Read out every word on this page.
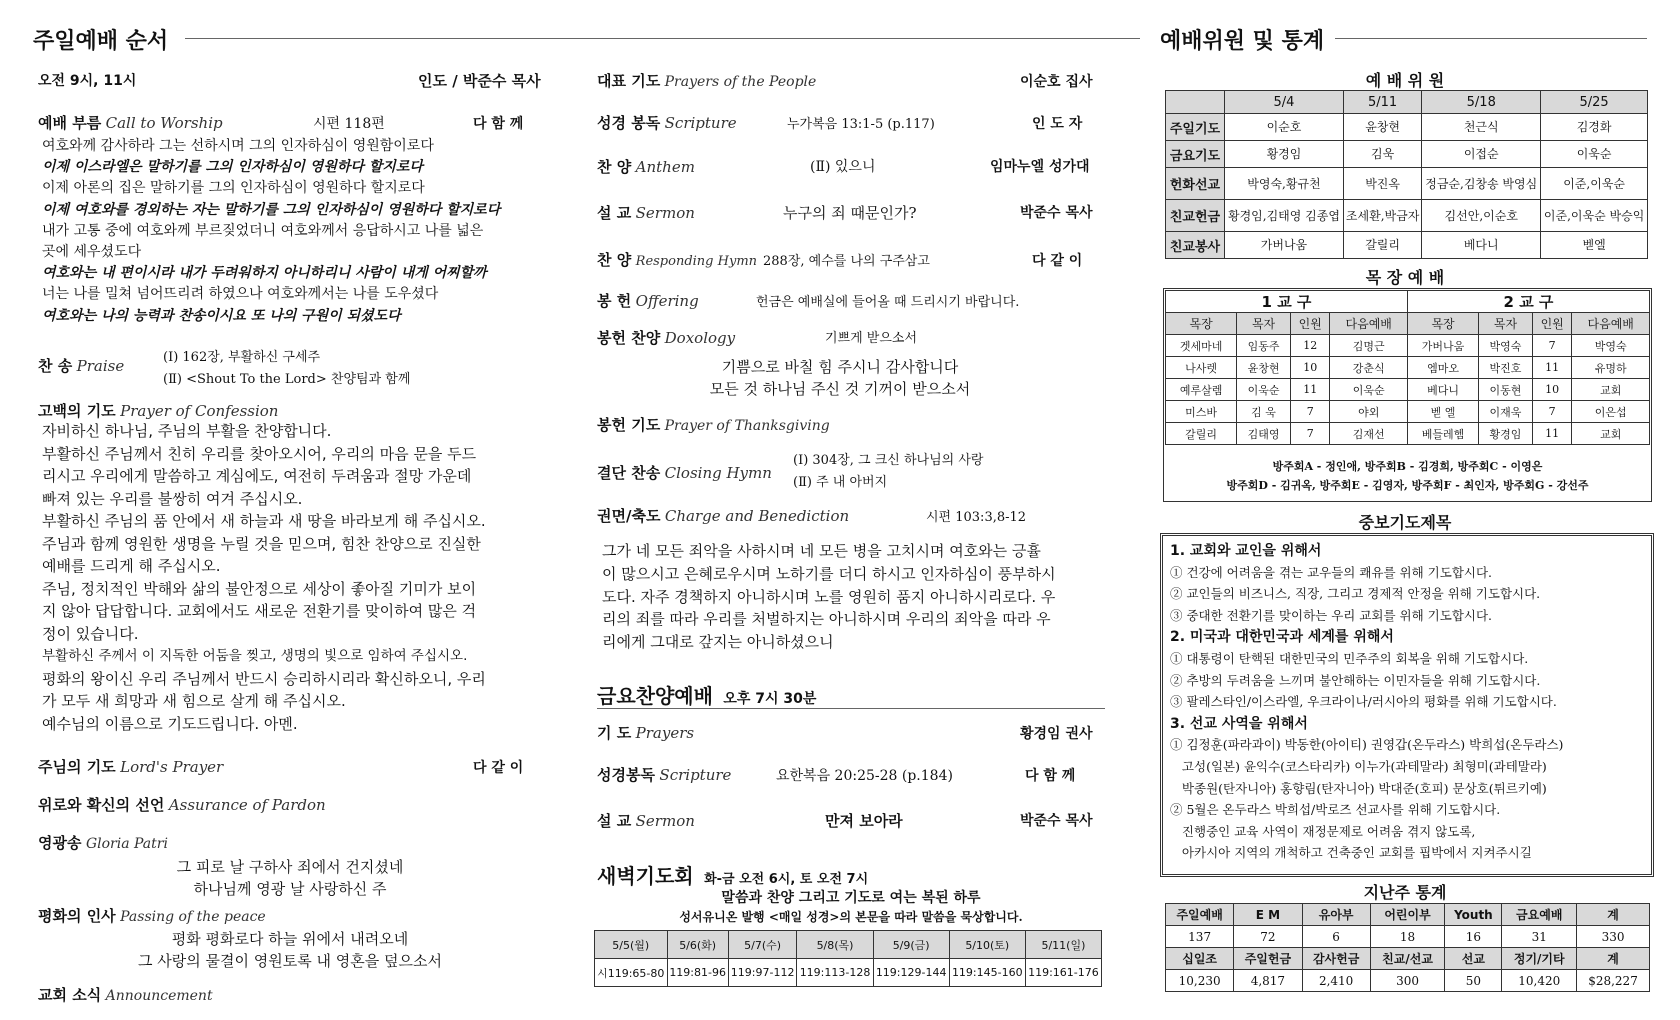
주일예배 순서
오전 9시, 11시	인도 / 박준수 목사
예배 부름 Call to Worship	시편 118편	다 함 께
여호와께 감사하라 그는 선하시며 그의 인자하심이 영원함이로다
이제 이스라엘은 말하기를 그의 인자하심이 영원하다 할지로다
이제 아론의 집은 말하기를 그의 인자하심이 영원하다 할지로다
이제 여호와를 경외하는 자는 말하기를 그의 인자하심이 영원하다 할지로다
내가 고통 중에 여호와께 부르짖었더니 여호와께서 응답하시고 나를 넓은
곳에 세우셨도다
여호와는 내 편이시라 내가 두려워하지 아니하리니 사람이 내게 어찌할까
너는 나를 밀쳐 넘어뜨리려 하였으나 여호와께서는 나를 도우셨다
여호와는 나의 능력과 찬송이시요 또 나의 구원이 되셨도다
찬 송 Praise	(Ⅰ) 162장, 부활하신 구세주
(Ⅱ) <Shout To the Lord> 찬양팀과 함께
고백의 기도 Prayer of Confession
자비하신 하나님, 주님의 부활을 찬양합니다.
부활하신 주님께서 친히 우리를 찾아오시어, 우리의 마음 문을 두드
리시고 우리에게 말씀하고 계심에도, 여전히 두려움과 절망 가운데
빠져 있는 우리를 불쌍히 여겨 주십시오.
부활하신 주님의 품 안에서 새 하늘과 새 땅을 바라보게 해 주십시오.
주님과 함께 영원한 생명을 누릴 것을 믿으며, 힘찬 찬양으로 진실한
예배를 드리게 해 주십시오.
주님, 정치적인 박해와 삶의 불안정으로 세상이 좋아질 기미가 보이
지 않아 답답합니다. 교회에서도 새로운 전환기를 맞이하여 많은 걱
정이 있습니다.
부활하신 주께서 이 지독한 어둠을 찢고, 생명의 빛으로 임하여 주십시오.
평화의 왕이신 우리 주님께서 반드시 승리하시리라 확신하오니, 우리
가 모두 새 희망과 새 힘으로 살게 해 주십시오.
예수님의 이름으로 기도드립니다. 아멘.
주님의 기도 Lord's Prayer	다 같 이
위로와 확신의 선언 Assurance of Pardon
영광송 Gloria Patri
그 피로 날 구하사 죄에서 건지셨네
하나님께 영광 날 사랑하신 주
평화의 인사 Passing of the peace
평화 평화로다 하늘 위에서 내려오네
그 사랑의 물결이 영원토록 내 영혼을 덮으소서
교회 소식 Announcement
대표 기도 Prayers of the People	이순호 집사
성경 봉독 Scripture	누가복음 13:1-5 (p.117)	인 도 자
찬 양 Anthem	(Ⅱ) 있으니	임마누엘 성가대
설 교 Sermon	누구의 죄 때문인가?	박준수 목사
찬 양 Responding Hymn 288장, 예수를 나의 구주삼고	다 같 이
봉 헌 Offering	헌금은 예배실에 들어올 때 드리시기 바랍니다.
봉헌 찬양 Doxology	기쁘게 받으소서
기쁨으로 바칠 힘 주시니 감사합니다
모든 것 하나님 주신 것 기꺼이 받으소서
봉헌 기도 Prayer of Thanksgiving
결단 찬송 Closing Hymn
(Ⅰ) 304장, 그 크신 하나님의 사랑
(Ⅱ) 주 내 아버지
권면/축도 Charge and Benediction	시편 103:3,8-12
그가 네 모든 죄악을 사하시며 네 모든 병을 고치시며 여호와는 긍휼
이 많으시고 은혜로우시며 노하기를 더디 하시고 인자하심이 풍부하시
도다. 자주 경책하지 아니하시며 노를 영원히 품지 아니하시리로다. 우
리의 죄를 따라 우리를 처벌하지는 아니하시며 우리의 죄악을 따라 우
리에게 그대로 갚지는 아니하셨으니
금요찬양예배 오후 7시 30분
기 도 Prayers	황경임 권사
성경봉독 Scripture	요한복음 20:25-28 (p.184)	다 함 께
설 교 Sermon	만져 보아라	박준수 목사
새벽기도회 화-금 오전 6시, 토 오전 7시
말씀과 찬양 그리고 기도로 여는 복된 하루
성서유니온 발행 <매일 성경>의 본문을 따라 말씀을 묵상합니다.
5/5(월)	5/6(화)	5/7(수)	5/8(목)	5/9(금)	5/10(토)	5/11(일)
시119:65-80	119:81-96	119:97-112	119:113-128	119:129-144	119:145-160	119:161-176
예배위원 및 통계
예 배 위 원
	5/4	5/11	5/18	5/25
주일기도	이순호	윤창현	천근식	김경화
금요기도	황경임	김욱	이접순	이욱순
헌화선교	박영숙,황규천	박진옥	정금순,김창송 박영심	이준,이욱순
친교헌금	황경임,김태영 김종엽	조세환,박금자	김선안,이순호	이준,이욱순 박승익
친교봉사	가버나움	갈릴리	베다니	벧엘
목 장 예 배
1 교 구				2 교 구			
목장	목자	인원	다음예배	목장	목자	인원	다음예배
겟세마네	임동주	12	김명근	가버나움	박영숙	7	박영숙
나사렛	윤창현	10	강춘식	엠마오	박진호	11	유명하
예루살렘	이욱순	11	이욱순	베다니	이동현	10	교회
미스바	김 욱	7	야외	벧 엘	이재욱	7	이은섭
갈릴리	김태영	7	김재선	베들레헴	황경임	11	교회
방주회A - 정인애, 방주회B - 김경희, 방주회C - 이영은
방주회D - 김귀옥, 방주회E - 김영자, 방주회F - 최인자, 방주회G - 강선주
중보기도제목
1. 교회와 교인을 위해서
① 건강에 어려움을 겪는 교우들의 쾌유를 위해 기도합시다.
② 교인들의 비즈니스, 직장, 그리고 경제적 안정을 위해 기도합시다.
③ 중대한 전환기를 맞이하는 우리 교회를 위해 기도합시다.
2. 미국과 대한민국과 세계를 위해서
① 대통령이 탄핵된 대한민국의 민주주의 회복을 위해 기도합시다.
② 추방의 두려움을 느끼며 불안해하는 이민자들을 위해 기도합시다.
③ 팔레스타인/이스라엘, 우크라이나/러시아의 평화를 위해 기도합시다.
3. 선교 사역을 위해서
① 김정훈(파라과이) 박동한(아이티) 권영갑(온두라스) 박희섭(온두라스)
고성(일본) 윤익수(코스타리카) 이누가(과테말라) 최형미(과테말라)
박종원(탄자니아) 홍향림(탄자니아) 박대준(호피) 문상호(튀르키예)
② 5월은 온두라스 박희섭/박로즈 선교사를 위해 기도합시다.
진행중인 교육 사역이 재정문제로 어려움 겪지 않도록,
아카시아 지역의 개척하고 건축중인 교회를 핍박에서 지켜주시길
지난주 통계
주일예배	E M	유아부	어린이부	Youth	금요예배	계
137	72	6	18	16	31	330
십일조	주일헌금	감사헌금	친교/선교	선교	정기/기타	계
10,230	4,817	2,410	300	50	10,420	$28,227
